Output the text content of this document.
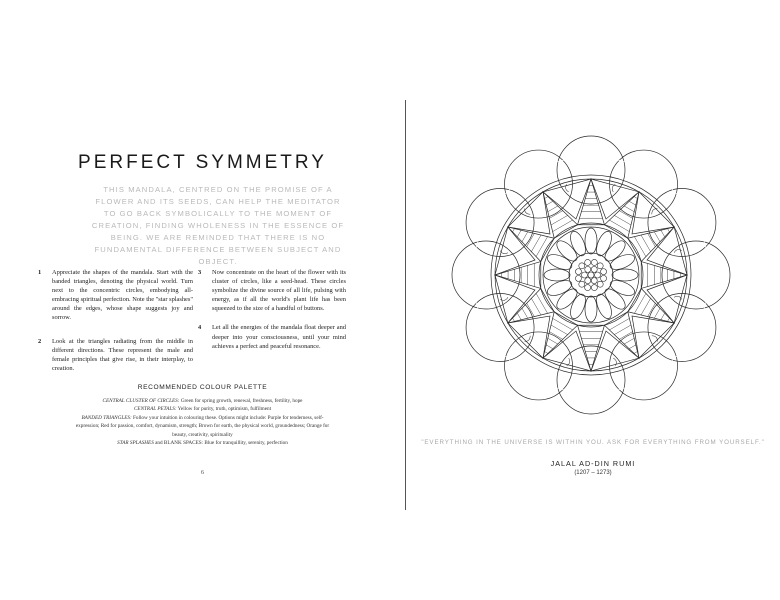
PERFECT SYMMETRY
THIS MANDALA, CENTRED ON THE PROMISE OF A FLOWER AND ITS SEEDS, CAN HELP THE MEDITATOR TO GO BACK SYMBOLICALLY TO THE MOMENT OF CREATION, FINDING WHOLENESS IN THE ESSENCE OF BEING. WE ARE REMINDED THAT THERE IS NO FUNDAMENTAL DIFFERENCE BETWEEN SUBJECT AND OBJECT.
1 Appreciate the shapes of the mandala. Start with the banded triangles, denoting the physical world. Turn next to the concentric circles, embodying all-embracing spiritual perfection. Note the "star splashes" around the edges, whose shape suggests joy and sorrow.
2 Look at the triangles radiating from the middle in different directions. These represent the male and female principles that give rise, in their interplay, to creation.
3 Now concentrate on the heart of the flower with its cluster of circles, like a seed-head. These circles symbolize the divine source of all life, pulsing with energy, as if all the world's plant life has been squeezed to the size of a handful of buttons.
4 Let all the energies of the mandala float deeper and deeper into your consciousness, until your mind achieves a perfect and peaceful resonance.
RECOMMENDED COLOUR PALETTE
CENTRAL CLUSTER OF CIRCLES: Green for spring growth, renewal, freshness, fertility, hope
CENTRAL PETALS: Yellow for purity, truth, optimism, fulfilment
BANDED TRIANGLES: Follow your intuition in colouring these. Options might include: Purple for tenderness, self-expression; Red for passion, comfort, dynamism, strength; Brown for earth, the physical world, groundedness; Orange for beauty, creativity, spirituality
STAR SPLASHES and BLANK SPACES: Blue for tranquillity, serenity, perfection
6
"EVERYTHING IN THE UNIVERSE IS WITHIN YOU. ASK FOR EVERYTHING FROM YOURSELF."
JALAL AD-DIN RUMI
(1207 – 1273)
